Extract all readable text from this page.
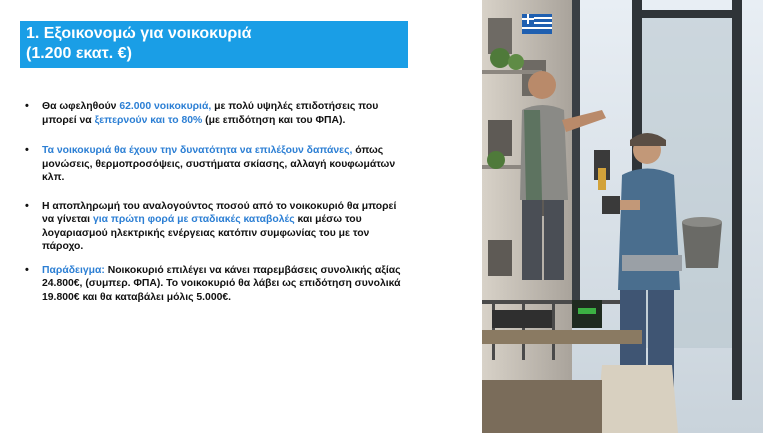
1. Εξοικονομώ για νοικοκυριά
(1.200 εκατ. €)
• Θα ωφεληθούν 62.000 νοικοκυριά, με πολύ υψηλές επιδοτήσεις που μπορεί να ξεπερνούν και το 80% (με επιδότηση και του ΦΠΑ).
• Τα νοικοκυριά θα έχουν την δυνατότητα να επιλέξουν δαπάνες, όπως μονώσεις, θερμοπροσόψεις, συστήματα σκίασης, αλλαγή κουφωμάτων κλπ.
• Η αποπληρωμή του αναλογούντος ποσού από το νοικοκυριό θα μπορεί να γίνεται για πρώτη φορά με σταδιακές καταβολές και μέσω του λογαριασμού ηλεκτρικής ενέργειας κατόπιν συμφωνίας του με τον πάροχο.
• Παράδειγμα: Νοικοκυριό επιλέγει να κάνει παρεμβάσεις συνολικής αξίας 24.800€, (συμπερ. ΦΠΑ). Το νοικοκυριό θα λάβει ως επιδότηση συνολικά 19.800€ και θα καταβάλει μόλις 5.000€.
